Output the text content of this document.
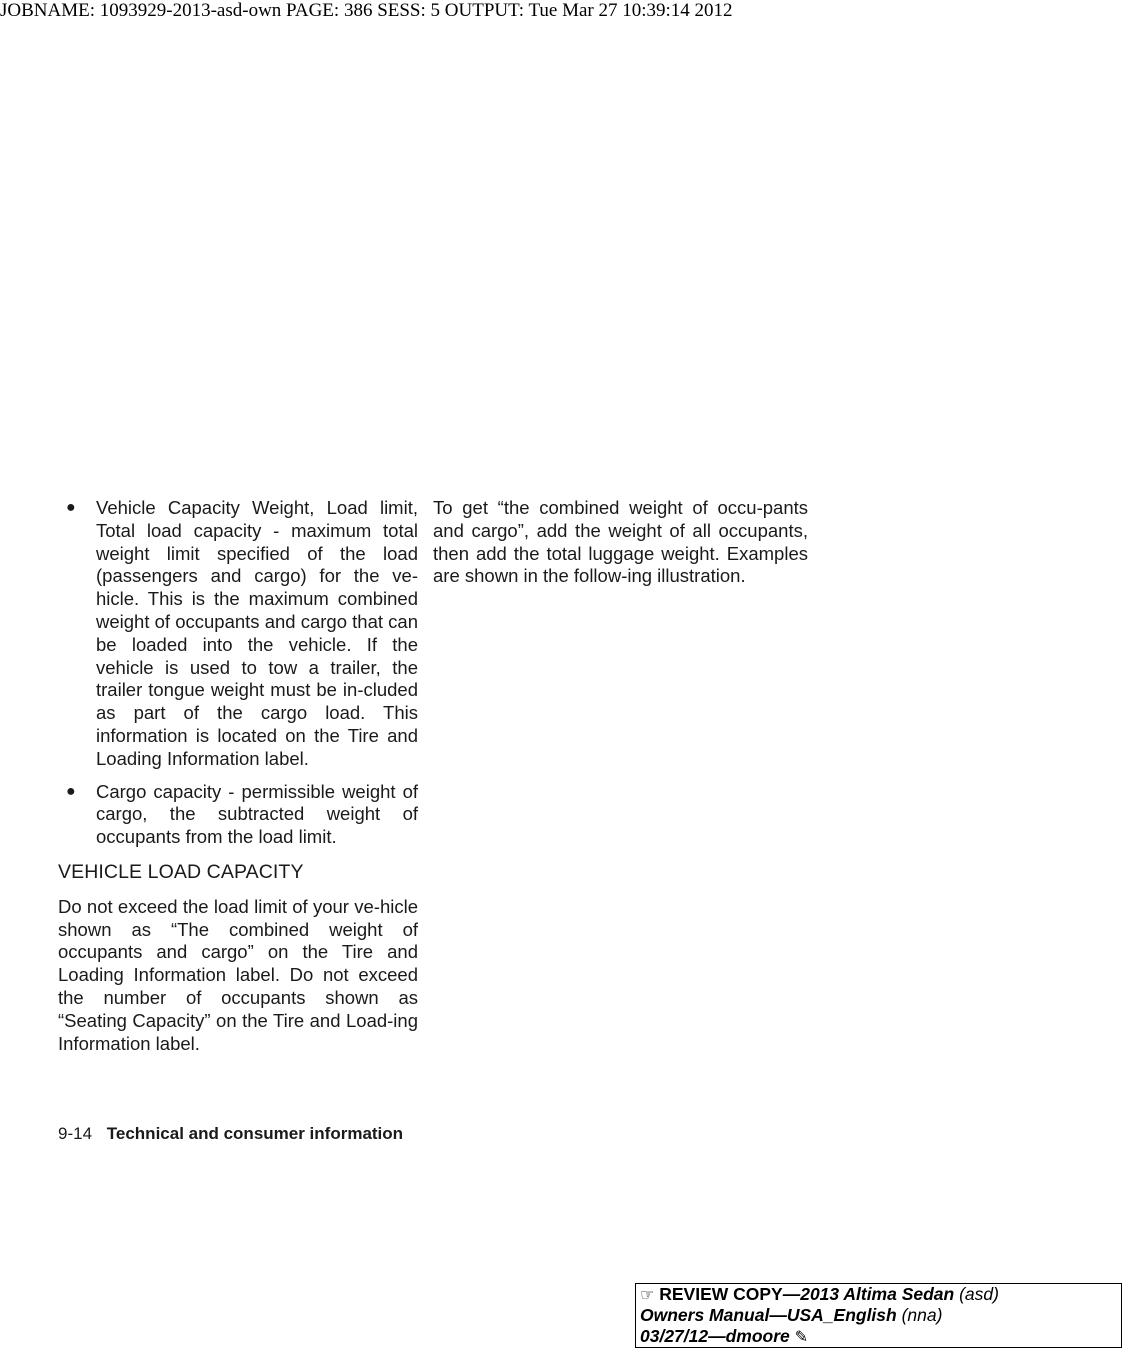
JOBNAME: 1093929-2013-asd-own PAGE: 386 SESS: 5 OUTPUT: Tue Mar 27 10:39:14 2012
● Vehicle Capacity Weight, Load limit, Total load capacity - maximum total weight limit specified of the load (passengers and cargo) for the ve-hicle. This is the maximum combined weight of occupants and cargo that can be loaded into the vehicle. If the vehicle is used to tow a trailer, the trailer tongue weight must be in-cluded as part of the cargo load. This information is located on the Tire and Loading Information label.
● Cargo capacity - permissible weight of cargo, the subtracted weight of occupants from the load limit.
VEHICLE LOAD CAPACITY

Do not exceed the load limit of your ve-hicle shown as “The combined weight of occupants and cargo” on the Tire and Loading Information label. Do not exceed the number of occupants shown as “Seating Capacity” on the Tire and Load-ing Information label.

To get “the combined weight of occu-pants and cargo”, add the weight of all occupants, then add the total luggage weight. Examples are shown in the follow-ing illustration.

9-14 Technical and consumer information
☞ REVIEW COPY—2013 Altima Sedan (asd)
Owners Manual—USA_English (nna)
03/27/12—dmoore ✎
